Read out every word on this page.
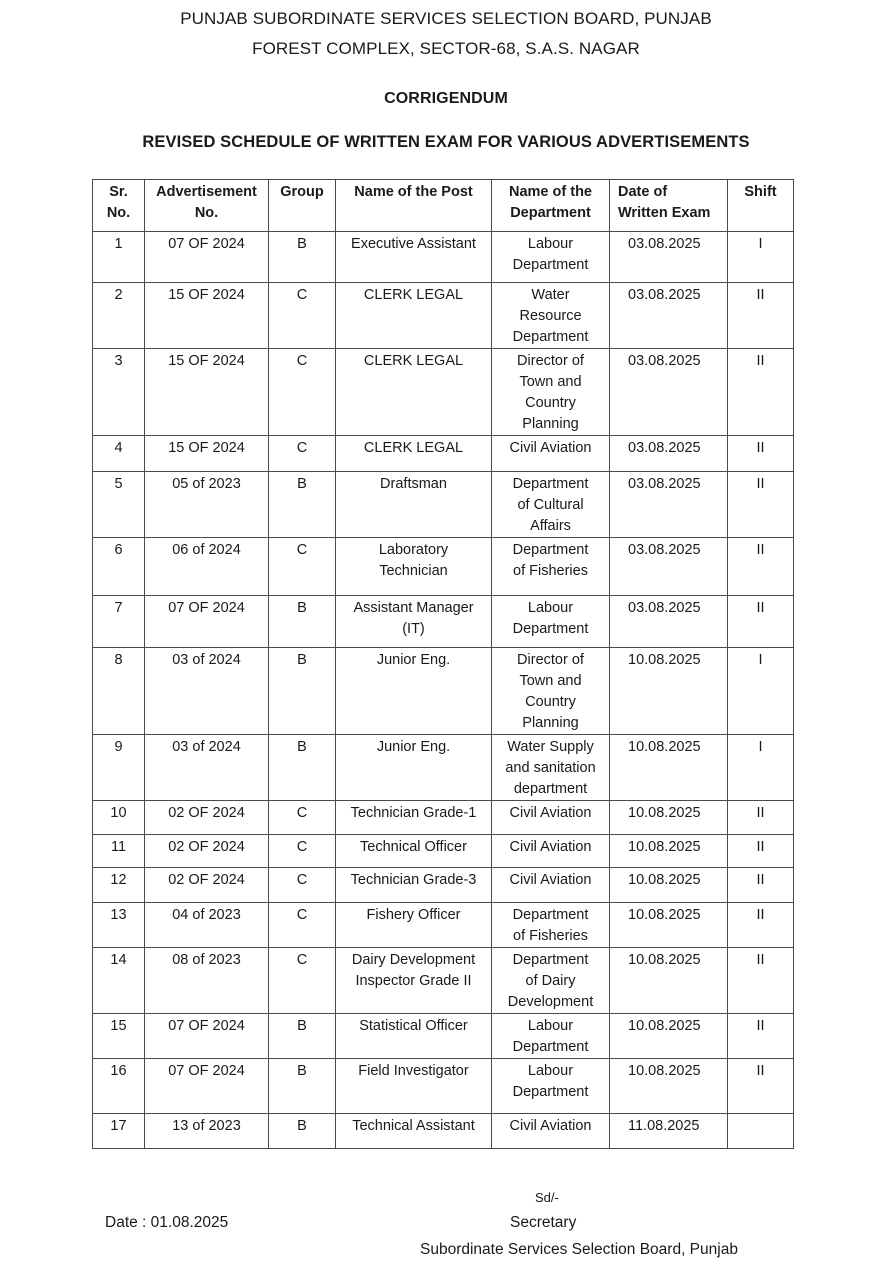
PUNJAB SUBORDINATE SERVICES SELECTION BOARD, PUNJAB
FOREST COMPLEX, SECTOR-68, S.A.S. NAGAR
CORRIGENDUM
REVISED SCHEDULE OF WRITTEN EXAM FOR VARIOUS ADVERTISEMENTS
Sr.
No.	Advertisement
No.	Group	Name of the Post	Name of the
Department	Date of
Written Exam	Shift
1	07 OF 2024	B	Executive Assistant	Labour
Department	03.08.2025	I
2	15 OF 2024	C	CLERK LEGAL	Water
Resource
Department	03.08.2025	II
3	15 OF 2024	C	CLERK LEGAL	Director of
Town and
Country
Planning	03.08.2025	II
4	15 OF 2024	C	CLERK LEGAL	Civil Aviation	03.08.2025	II
5	05 of 2023	B	Draftsman	Department
of Cultural
Affairs	03.08.2025	II
6	06 of 2024	C	Laboratory
Technician	Department
of Fisheries	03.08.2025	II
7	07 OF 2024	B	Assistant Manager
(IT)	Labour
Department	03.08.2025	II
8	03 of 2024	B	Junior Eng.	Director of
Town and
Country
Planning	10.08.2025	I
9	03 of 2024	B	Junior Eng.	Water Supply
and sanitation
department	10.08.2025	I
10	02 OF 2024	C	Technician Grade-1	Civil Aviation	10.08.2025	II
11	02 OF 2024	C	Technical Officer	Civil Aviation	10.08.2025	II
12	02 OF 2024	C	Technician Grade-3	Civil Aviation	10.08.2025	II
13	04 of 2023	C	Fishery Officer	Department
of Fisheries	10.08.2025	II
14	08 of 2023	C	Dairy Development
Inspector Grade II	Department
of Dairy
Development	10.08.2025	II
15	07 OF 2024	B	Statistical Officer	Labour
Department	10.08.2025	II
16	07 OF 2024	B	Field Investigator	Labour
Department	10.08.2025	II
17	13 of 2023	B	Technical Assistant	Civil Aviation	11.08.2025	
Sd/-
Date : 01.08.2025	Secretary
Subordinate Services Selection Board, Punjab
